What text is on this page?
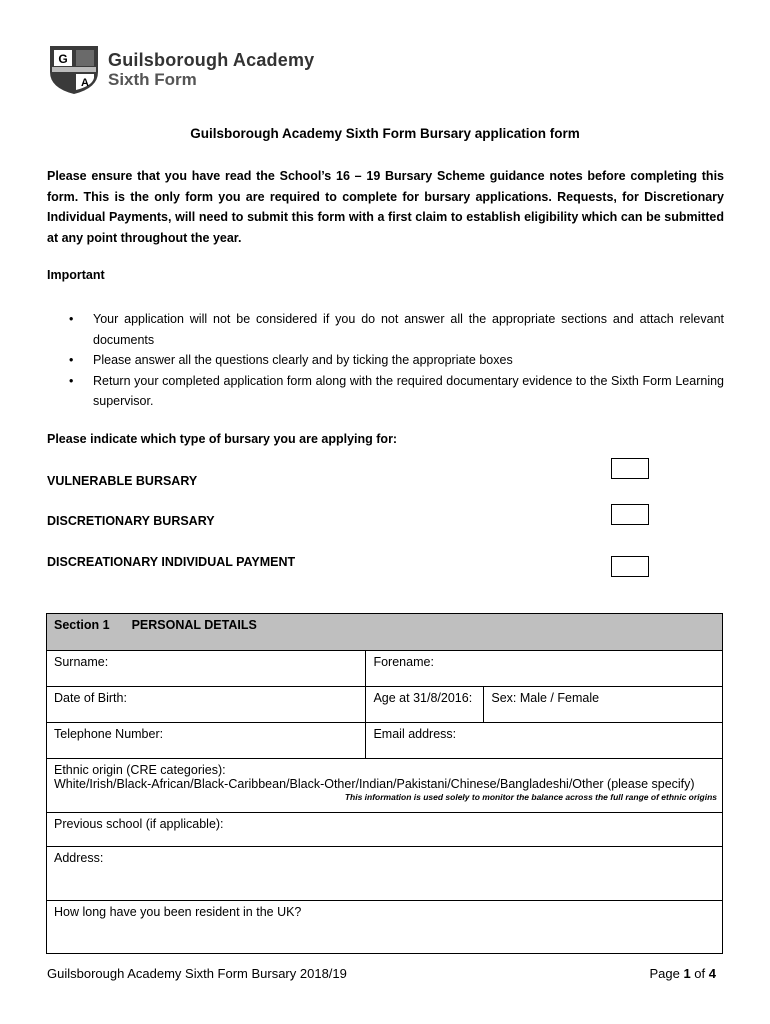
G
A
Guilsborough Academy
Sixth Form
Guilsborough Academy Sixth Form Bursary application form
Please ensure that you have read the School’s 16 – 19 Bursary Scheme guidance notes before completing this form. This is the only form you are required to complete for bursary applications. Requests, for Discretionary Individual Payments, will need to submit this form with a first claim to establish eligibility which can be submitted at any point throughout the year.
Important
• Your application will not be considered if you do not answer all the appropriate sections and attach relevant documents
• Please answer all the questions clearly and by ticking the appropriate boxes
• Return your completed application form along with the required documentary evidence to the Sixth Form Learning supervisor.
Please indicate which type of bursary you are applying for:
VULNERABLE BURSARY
DISCRETIONARY BURSARY
DISCREATIONARY INDIVIDUAL PAYMENT
Section 1 PERSONAL DETAILS		
Surname:	Forename:	
Date of Birth:	Age at 31/8/2016:	Sex: Male / Female
Telephone Number:	Email address:	

Ethnic origin (CRE categories):
White/Irish/Black-African/Black-Caribbean/Black-Other/Indian/Pakistani/Chinese/Bangladeshi/Other (please specify)
This information is used solely to monitor the balance across the full range of ethnic origins		

Previous school (if applicable):		
Address:		
How long have you been resident in the UK?		
Guilsborough Academy Sixth Form Bursary 2018/19	Page 1 of 4
